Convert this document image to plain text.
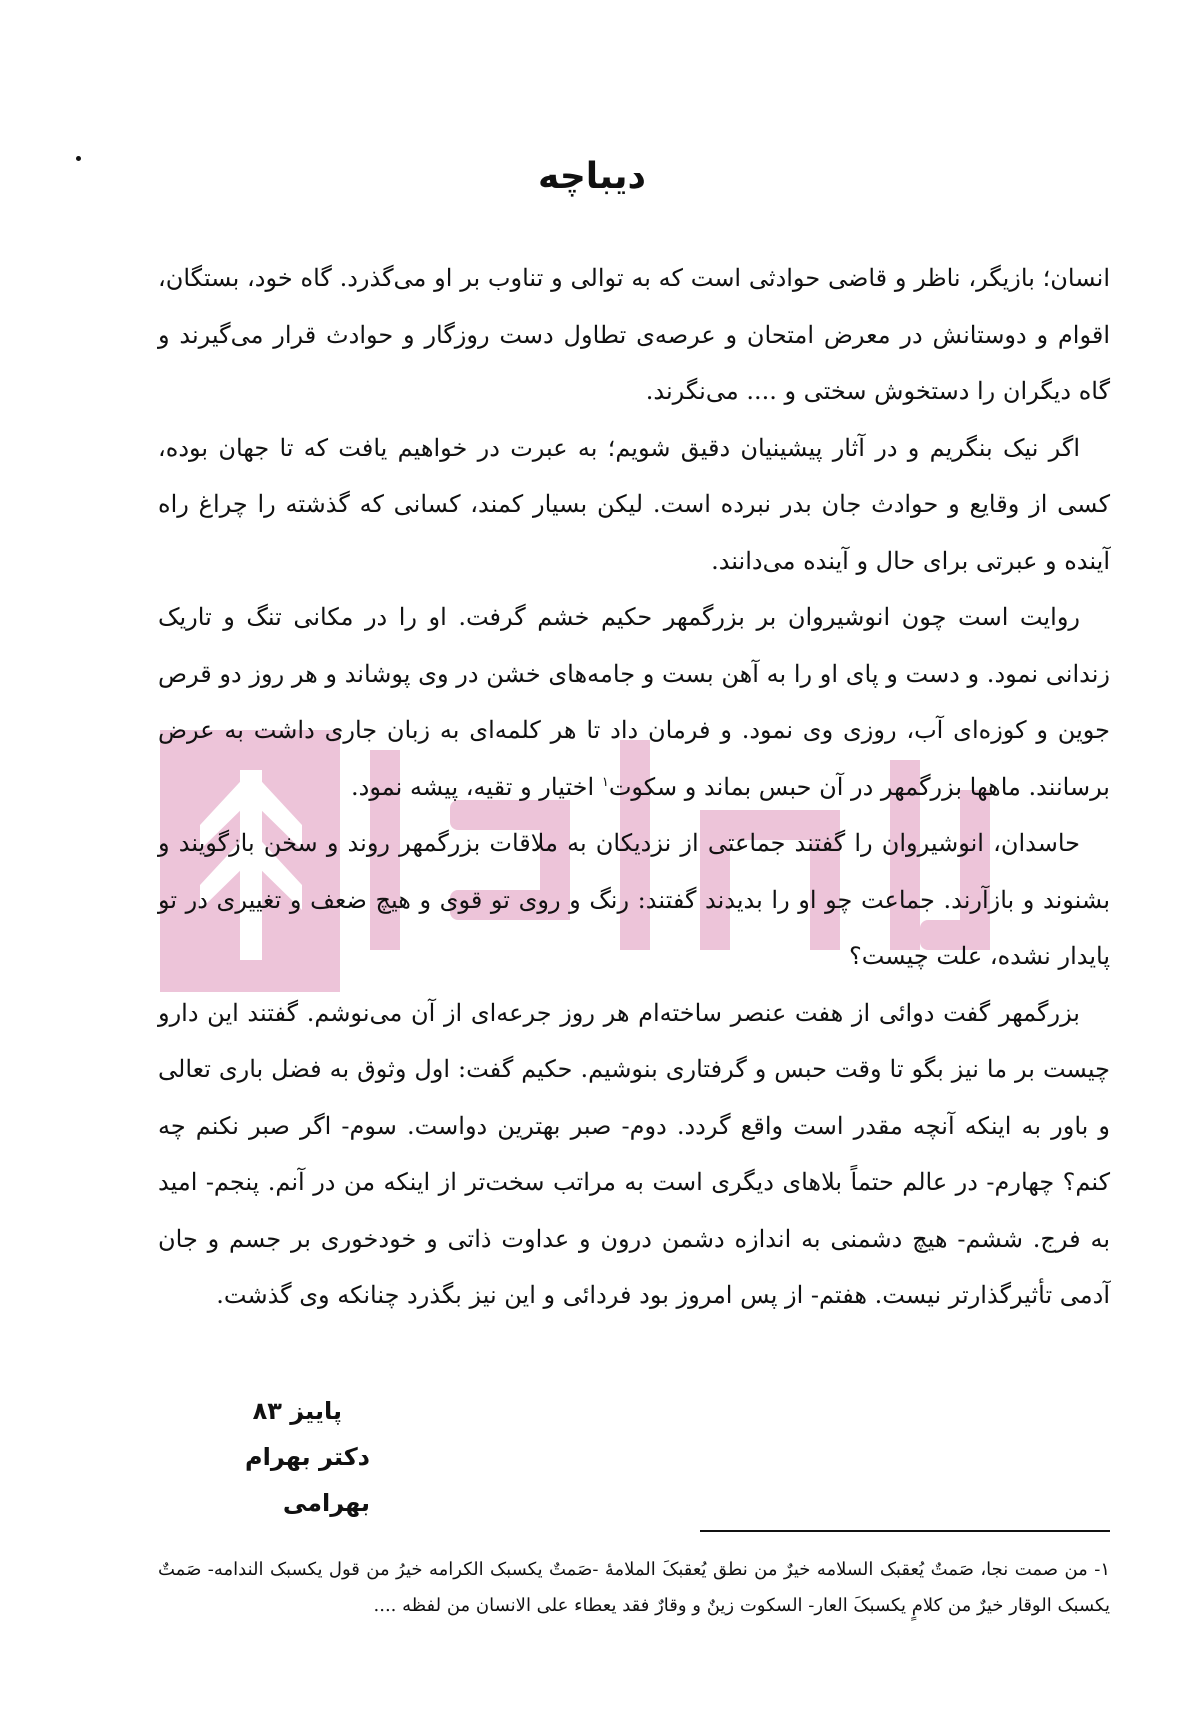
دیباچه

انسان؛ بازیگر، ناظر و قاضی حوادثی است که به توالی و تناوب بر او می‌گذرد. گاه خود، بستگان، اقوام و دوستانش در معرض امتحان و عرصه‌ی تطاول دست روزگار و حوادث قرار می‌گیرند و گاه دیگران را دستخوش سختی و .... می‌نگرند.

اگر نیک بنگریم و در آثار پیشینیان دقیق شویم؛ به عبرت در خواهیم یافت که تا جهان بوده، کسی از وقایع و حوادث جان بدر نبرده است. لیکن بسیار کمند، کسانی که گذشته را چراغ راه آینده و عبرتی برای حال و آینده می‌دانند.

روایت است چون انوشیروان بر بزرگمهر حکیم خشم گرفت. او را در مکانی تنگ و تاریک زندانی نمود. و دست و پای او را به آهن بست و جامه‌های خشن در وی پوشاند و هر روز دو قرص جوین و کوزه‌ای آب، روزی وی نمود. و فرمان داد تا هر کلمه‌ای به زبان جاری داشت به عرض برسانند. ماهها بزرگمهر در آن حبس بماند و سکوت$^۱$ اختیار و تقیه، پیشه نمود.

حاسدان، انوشیروان را گفتند جماعتی از نزدیکان به ملاقات بزرگمهر روند و سخن بازگویند و بشنوند و بازآرند. جماعت چو او را بدیدند گفتند: رنگ و روی تو قوی و هیچ ضعف و تغییری در تو پایدار نشده، علت چیست؟

بزرگمهر گفت دوائی از هفت عنصر ساخته‌ام هر روز جرعه‌ای از آن می‌نوشم. گفتند این دارو چیست بر ما نیز بگو تا وقت حبس و گرفتاری بنوشیم. حکیم گفت: اول وثوق به فضل باری تعالی و باور به اینکه آنچه مقدر است واقع گردد. دوم- صبر بهترین دواست. سوم- اگر صبر نکنم چه کنم؟ چهارم- در عالم حتماً بلاهای دیگری است به مراتب سخت‌تر از اینکه من در آنم. پنجم- امید به فرج. ششم- هیچ دشمنی به اندازه دشمن درون و عداوت ذاتی و خودخوری بر جسم و جان آدمی تأثیرگذارتر نیست. هفتم- از پس امروز بود فردائی و این نیز بگذرد چنانکه وی گذشت.

پاییز ۸۳
دکتر بهرام بهرامی
۱- من صمت نجا، صَمتٌ یُعقبک السلامه خیرٌ من نطق یُعقبکَ الملامهٔ -صَمتٌ یکسبک الکرامه خیرُ من قول یکسبک الندامه- صَمتٌ یکسبک الوقار خیرٌ من کلامٍ یکسبکَ العار- السکوت زینٌ و وقارٌ فقد یعطاء علی الانسان من لفظه ....
